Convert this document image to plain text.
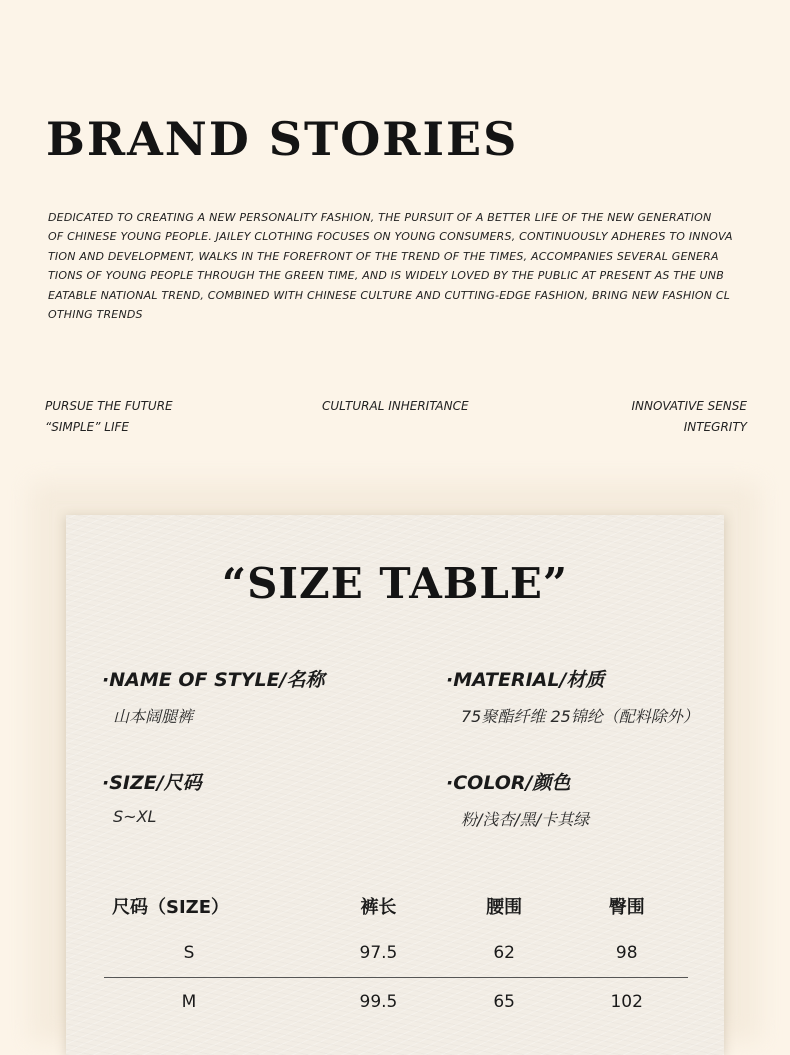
BRAND STORIES

DEDICATED TO CREATING A NEW PERSONALITY FASHION, THE PURSUIT OF A BETTER LIFE OF THE NEW GENERATION
OF CHINESE YOUNG PEOPLE. JAILEY CLOTHING FOCUSES ON YOUNG CONSUMERS, CONTINUOUSLY ADHERES TO INNOVA
TION AND DEVELOPMENT, WALKS IN THE FOREFRONT OF THE TREND OF THE TIMES, ACCOMPANIES SEVERAL GENERA
TIONS OF YOUNG PEOPLE THROUGH THE GREEN TIME, AND IS WIDELY LOVED BY THE PUBLIC AT PRESENT AS THE UNB
EATABLE NATIONAL TREND, COMBINED WITH CHINESE CULTURE AND CUTTING-EDGE FASHION, BRING NEW FASHION CL
OTHING TRENDS

PURSUE THE FUTURE
“SIMPLE” LIFE
CULTURAL INHERITANCE	INNOVATIVE SENSE
INTEGRITY
“SIZE TABLE”
·NAME OF STYLE/名称
山本阔腿裤
·MATERIAL/材质
75聚酯纤维 25锦纶（配料除外）
·SIZE/尺码
S~XL
·COLOR/颜色
粉/浅杏/黑/卡其绿
尺码（SIZE）	裤长	腰围	臀围
S	97.5	62	98
M	99.5	65	102
